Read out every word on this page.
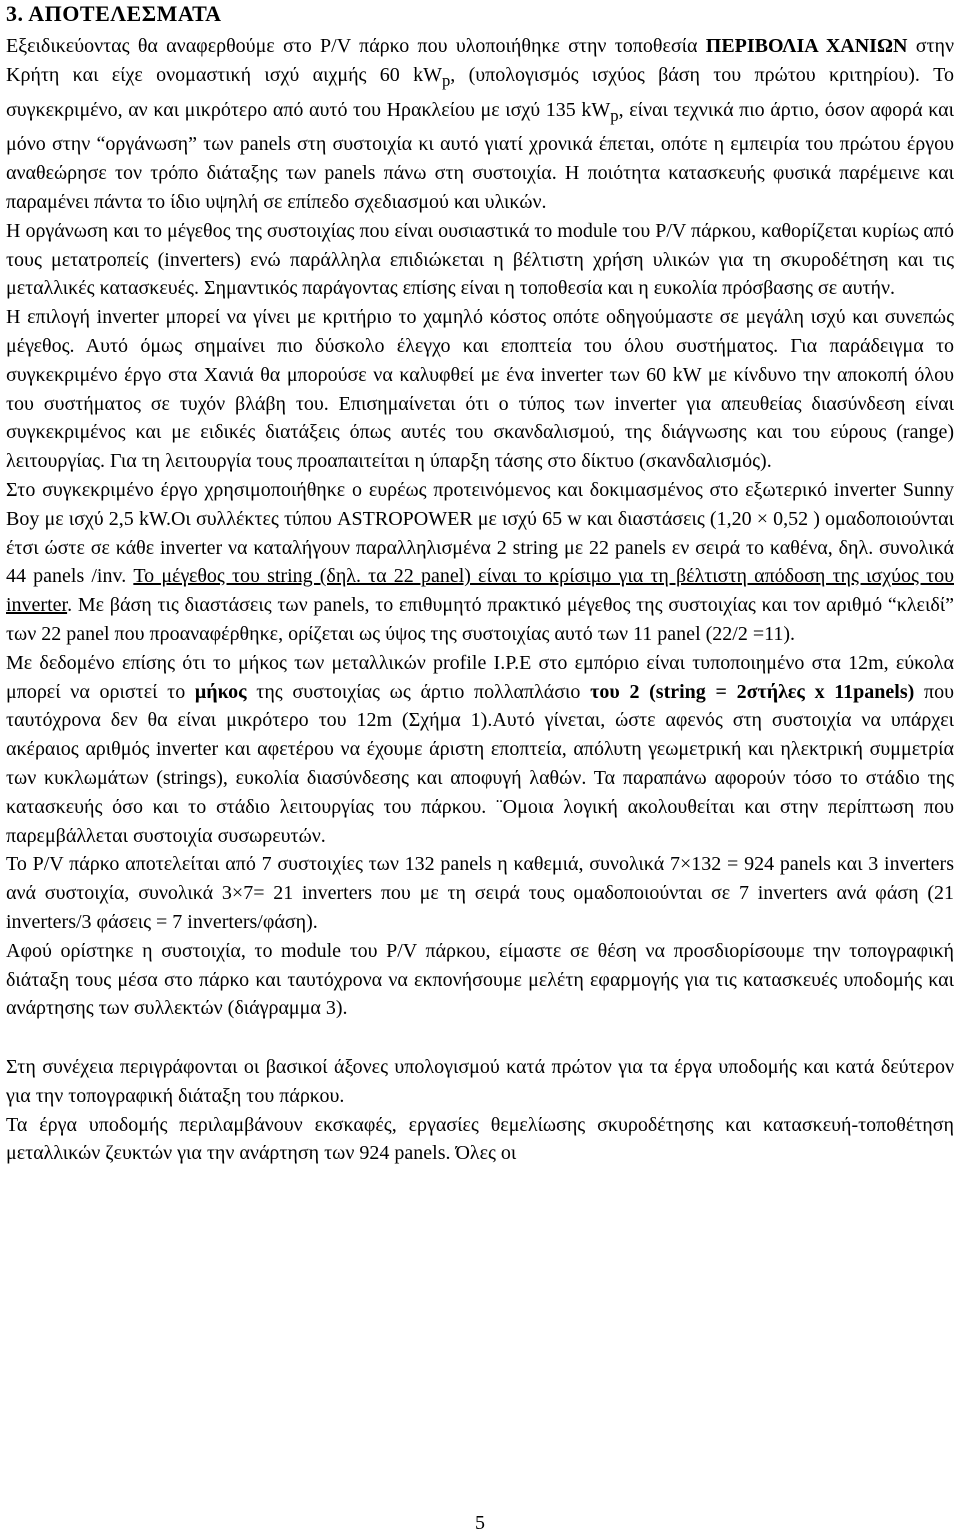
3. ΑΠΟΤΕΛΕΣΜΑΤΑ

Εξειδικεύοντας θα αναφερθούμε στο P/V πάρκο που υλοποιήθηκε στην τοποθεσία ΠΕΡΙΒΟΛΙΑ ΧΑΝΙΩΝ στην Κρήτη και είχε ονομαστική ισχύ αιχμής 60 $kW_p$, (υπολογισμός ισχύος βάση του πρώτου κριτηρίου). Το συγκεκριμένο, αν και μικρότερο από αυτό του Ηρακλείου με ισχύ 135 $kW_p$, είναι τεχνικά πιο άρτιο, όσον αφορά και μόνο στην “οργάνωση” των panels στη συστοιχία κι αυτό γιατί χρονικά έπεται, οπότε η εμπειρία του πρώτου έργου αναθεώρησε τον τρόπο διάταξης των panels πάνω στη συστοιχία. Η ποιότητα κατασκευής φυσικά παρέμεινε και παραμένει πάντα το ίδιο υψηλή σε επίπεδο σχεδιασμού και υλικών.

Η οργάνωση και το μέγεθος της συστοιχίας που είναι ουσιαστικά το module του P/V πάρκου, καθορίζεται κυρίως από τους μετατροπείς (inverters) ενώ παράλληλα επιδιώκεται η βέλτιστη χρήση υλικών για τη σκυροδέτηση και τις μεταλλικές κατασκευές. Σημαντικός παράγοντας επίσης είναι η τοποθεσία και η ευκολία πρόσβασης σε αυτήν.

Η επιλογή inverter μπορεί να γίνει με κριτήριο το χαμηλό κόστος οπότε οδηγούμαστε σε μεγάλη ισχύ και συνεπώς μέγεθος. Αυτό όμως σημαίνει πιο δύσκολο έλεγχο και εποπτεία του όλου συστήματος. Για παράδειγμα το συγκεκριμένο έργο στα Χανιά θα μπορούσε να καλυφθεί με ένα inverter των 60 kW με κίνδυνο την αποκοπή όλου του συστήματος σε τυχόν βλάβη του. Επισημαίνεται ότι ο τύπος των inverter για απευθείας διασύνδεση είναι συγκεκριμένος και με ειδικές διατάξεις όπως αυτές του σκανδαλισμού, της διάγνωσης και του εύρους (range) λειτουργίας. Για τη λειτουργία τους προαπαιτείται η ύπαρξη τάσης στο δίκτυο (σκανδαλισμός).

Στο συγκεκριμένο έργο χρησιμοποιήθηκε ο ευρέως προτεινόμενος και δοκιμασμένος στο εξωτερικό inverter Sunny Boy με ισχύ 2,5 kW.Οι συλλέκτες τύπου ASTROPOWER με ισχύ 65 w και διαστάσεις (1,20 × 0,52 ) ομαδοποιούνται έτσι ώστε σε κάθε inverter να καταλήγουν παραλληλισμένα 2 string με 22 panels εν σειρά το καθένα, δηλ. συνολικά 44 panels /inv. Το μέγεθος του string (δηλ. τα 22 panel) είναι το κρίσιμο για τη βέλτιστη απόδοση της ισχύος του inverter. Με βάση τις διαστάσεις των panels, το επιθυμητό πρακτικό μέγεθος της συστοιχίας και τον αριθμό “κλειδί” των 22 panel που προαναφέρθηκε, ορίζεται ως ύψος της συστοιχίας αυτό των 11 panel (22/2 =11).

Με δεδομένο επίσης ότι το μήκος των μεταλλικών profile I.P.E στο εμπόριο είναι τυποποιημένο στα 12m, εύκολα μπορεί να οριστεί το μήκος της συστοιχίας ως άρτιο πολλαπλάσιο του 2 (string = 2στήλες x 11panels) που ταυτόχρονα δεν θα είναι μικρότερο του 12m (Σχήμα 1).Αυτό γίνεται, ώστε αφενός στη συστοιχία να υπάρχει ακέραιος αριθμός inverter και αφετέρου να έχουμε άριστη εποπτεία, απόλυτη γεωμετρική και ηλεκτρική συμμετρία των κυκλωμάτων (strings), ευκολία διασύνδεσης και αποφυγή λαθών. Τα παραπάνω αφορούν τόσο το στάδιο της κατασκευής όσο και το στάδιο λειτουργίας του πάρκου. ¨Ομοια λογική ακολουθείται και στην περίπτωση που παρεμβάλλεται συστοιχία συσωρευτών.

Το P/V πάρκο αποτελείται από 7 συστοιχίες των 132 panels η καθεμιά, συνολικά 7×132 = 924 panels και 3 inverters ανά συστοιχία, συνολικά 3×7= 21 inverters που με τη σειρά τους ομαδοποιούνται σε 7 inverters ανά φάση (21 inverters/3 φάσεις = 7 inverters/φάση).

Αφού ορίστηκε η συστοιχία, το module του P/V πάρκου, είμαστε σε θέση να προσδιορίσουμε την τοπογραφική διάταξη τους μέσα στο πάρκο και ταυτόχρονα να εκπονήσουμε μελέτη εφαρμογής για τις κατασκευές υποδομής και ανάρτησης των συλλεκτών (διάγραμμα 3).

Στη συνέχεια περιγράφονται οι βασικοί άξονες υπολογισμού κατά πρώτον για τα έργα υποδομής και κατά δεύτερον για την τοπογραφική διάταξη του πάρκου.

Τα έργα υποδομής περιλαμβάνουν εκσκαφές, εργασίες θεμελίωσης σκυροδέτησης και κατασκευή-τοποθέτηση μεταλλικών ζευκτών για την ανάρτηση των 924 panels. Όλες οι

5
